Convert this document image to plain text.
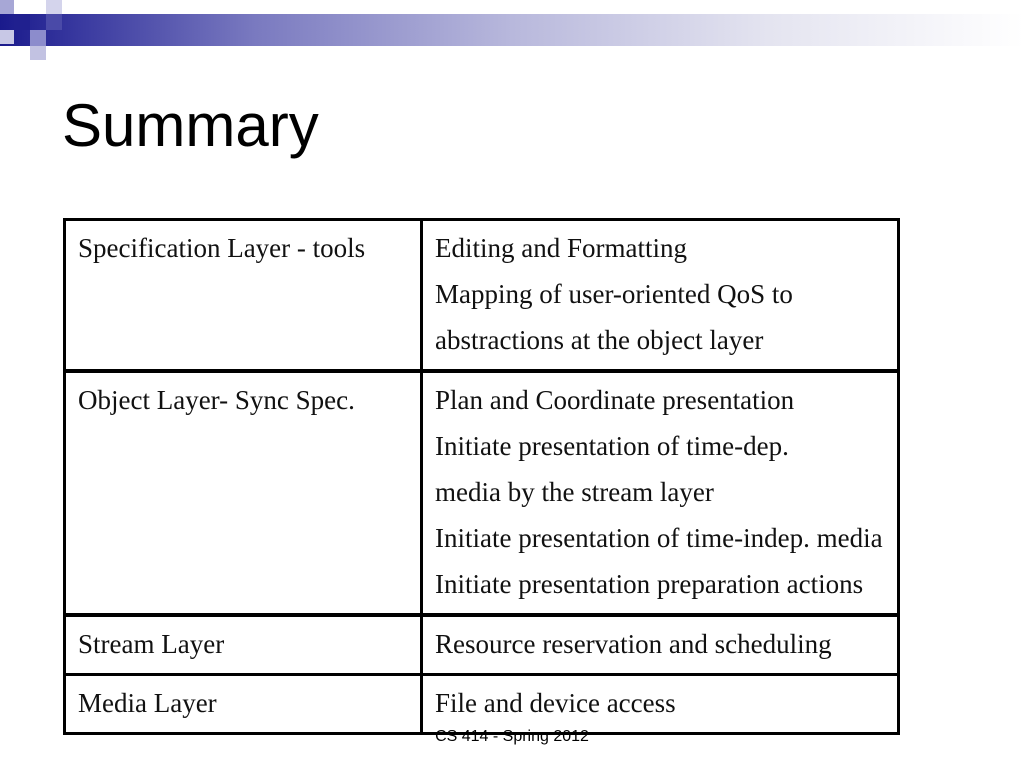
Summary
Specification Layer - tools	Editing and Formatting
Mapping of user-oriented QoS to
abstractions at the object layer

Object Layer- Sync Spec.	Plan and Coordinate presentation
Initiate presentation of time-dep.
media by the stream layer
Initiate presentation of time-indep. media
Initiate presentation preparation actions

Stream Layer	Resource reservation and scheduling

Media Layer	File and device access
CS 414 - Spring 2012
